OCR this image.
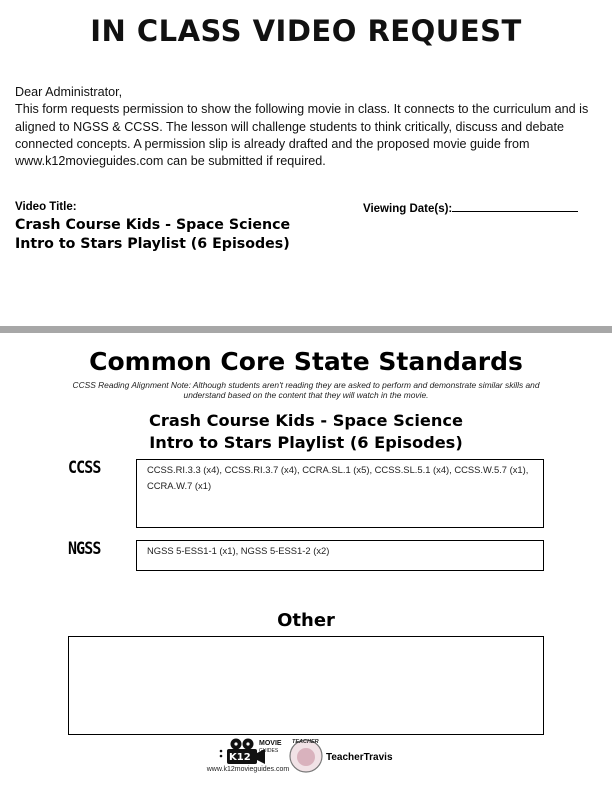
IN CLASS VIDEO REQUEST

Dear Administrator,

This form requests permission to show the following movie in class. It connects to the curriculum and is aligned to NGSS & CCSS. The lesson will challenge students to think critically, discuss and debate connected concepts. A permission slip is already drafted and the proposed movie guide from www.k12movieguides.com can be submitted if required.

Video Title:
Crash Course Kids - Space Science
Intro to Stars Playlist (6 Episodes)
Viewing Date(s):
Common Core State Standards
CCSS Reading Alignment Note: Although students aren't reading they are asked to perform and demonstrate similar skills and understand based on the content that they will watch in the movie.
Crash Course Kids - Space Science
Intro to Stars Playlist (6 Episodes)
CCSS	CCSS.RI.3.3 (x4), CCSS.RI.3.7 (x4), CCRA.SL.1 (x5), CCSS.SL.5.1 (x4), CCSS.W.5.7 (x1), CCRA.W.7 (x1)
NGSS	NGSS 5-ESS1-1 (x1), NGSS 5-ESS1-2 (x2)
Other
K12
MOVIE
GUIDES
www.k12movieguides.com
TEACHER
TeacherTravis
